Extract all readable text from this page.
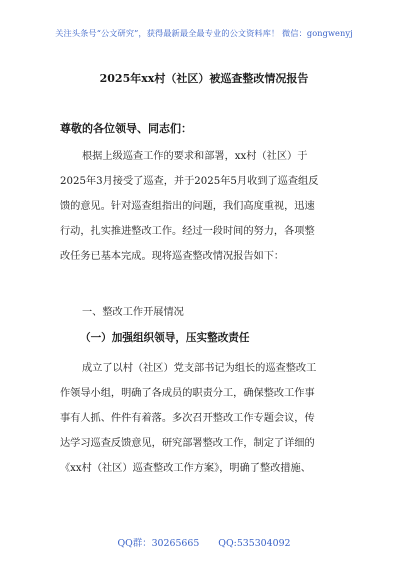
关注头条号“公文研究”，获得最新最全最专业的公文资料库！ 微信：gongwenyj
2025年xx村（社区）被巡查整改情况报告
尊敬的各位领导、同志们：
根据上级巡查工作的要求和部署，xx村（社区）于
2025年3月接受了巡查，并于2025年5月收到了巡查组反
馈的意见。针对巡查组指出的问题，我们高度重视，迅速
行动，扎实推进整改工作。经过一段时间的努力，各项整
改任务已基本完成。现将巡查整改情况报告如下：
一、整改工作开展情况
（一）加强组织领导，压实整改责任
成立了以村（社区）党支部书记为组长的巡查整改工
作领导小组，明确了各成员的职责分工，确保整改工作事
事有人抓、件件有着落。多次召开整改工作专题会议，传
达学习巡查反馈意见，研究部署整改工作，制定了详细的
《xx村（社区）巡查整改工作方案》，明确了整改措施、
QQ群：30265665 QQ:535304092
